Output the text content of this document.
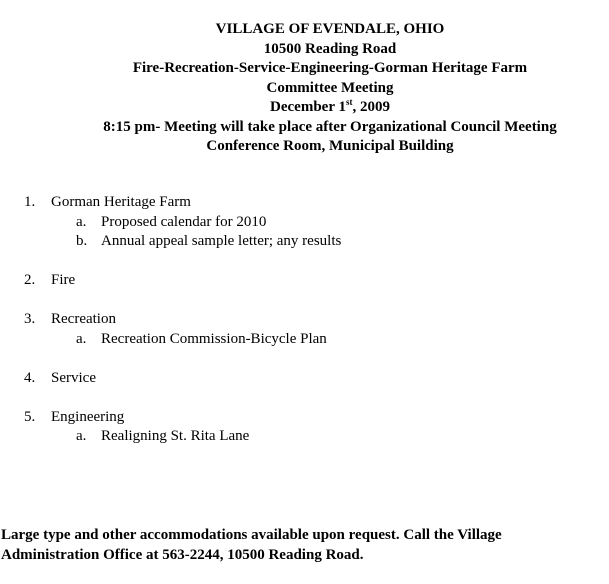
VILLAGE OF EVENDALE, OHIO
10500 Reading Road
Fire-Recreation-Service-Engineering-Gorman Heritage Farm
Committee Meeting
December 1st, 2009
8:15 pm- Meeting will take place after Organizational Council Meeting
Conference Room, Municipal Building
1. Gorman Heritage Farm
a. Proposed calendar for 2010
b. Annual appeal sample letter; any results
2. Fire
3. Recreation
a. Recreation Commission-Bicycle Plan
4. Service
5. Engineering
a. Realigning St. Rita Lane
Large type and other accommodations available upon request. Call the Village
Administration Office at 563-2244, 10500 Reading Road.
